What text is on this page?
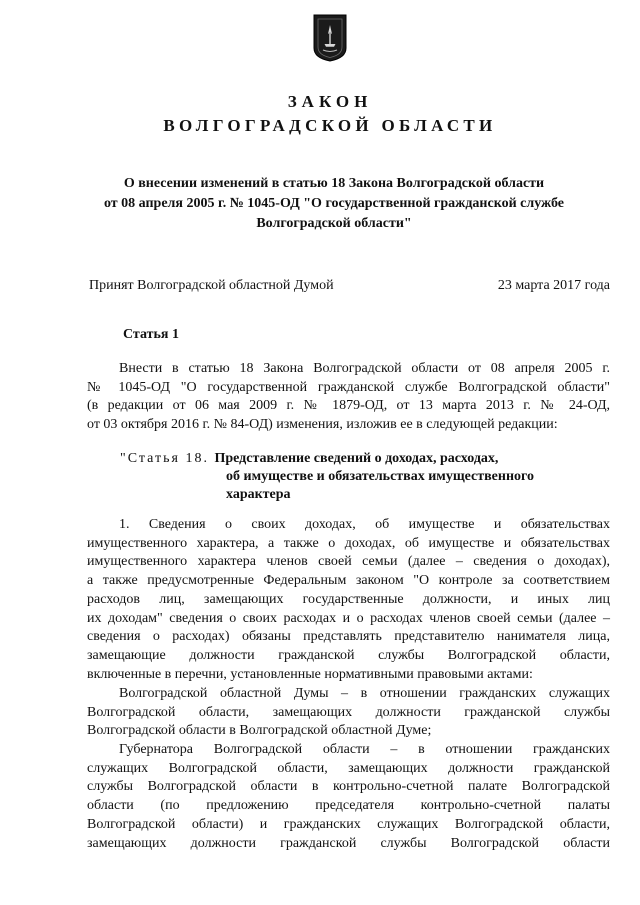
ЗАКОН
ВОЛГОГРАДСКОЙ ОБЛАСТИ
О внесении изменений в статью 18 Закона Волгоградской области
от 08 апреля 2005 г. № 1045-ОД "О государственной гражданской службе
Волгоградской области"
Принят Волгоградской областной Думой	23 марта 2017 года
Статья 1
Внести в статью 18 Закона Волгоградской области от 08 апреля 2005 г.
№ 1045-ОД "О государственной гражданской службе Волгоградской области"
(в редакции от 06 мая 2009 г. № 1879-ОД, от 13 марта 2013 г. № 24-ОД,
от 03 октября 2016 г. № 84-ОД) изменения, изложив ее в следующей редакции:
"Статья 18. Представление сведений о доходах, расходах,
об имуществе и обязательствах имущественного
характера
1. Сведения о своих доходах, об имуществе и обязательствах
имущественного характера, а также о доходах, об имуществе и обязательствах
имущественного характера членов своей семьи (далее – сведения о доходах),
а также предусмотренные Федеральным законом "О контроле за соответствием
расходов лиц, замещающих государственные должности, и иных лиц
их доходам" сведения о своих расходах и о расходах членов своей семьи (далее –
сведения о расходах) обязаны представлять представителю нанимателя лица,
замещающие должности гражданской службы Волгоградской области,
включенные в перечни, установленные нормативными правовыми актами:
Волгоградской областной Думы – в отношении гражданских служащих
Волгоградской области, замещающих должности гражданской службы
Волгоградской области в Волгоградской областной Думе;
Губернатора Волгоградской области – в отношении гражданских
служащих Волгоградской области, замещающих должности гражданской
службы Волгоградской области в контрольно-счетной палате Волгоградской
области (по предложению председателя контрольно-счетной палаты
Волгоградской области) и гражданских служащих Волгоградской области,
замещающих должности гражданской службы Волгоградской области
